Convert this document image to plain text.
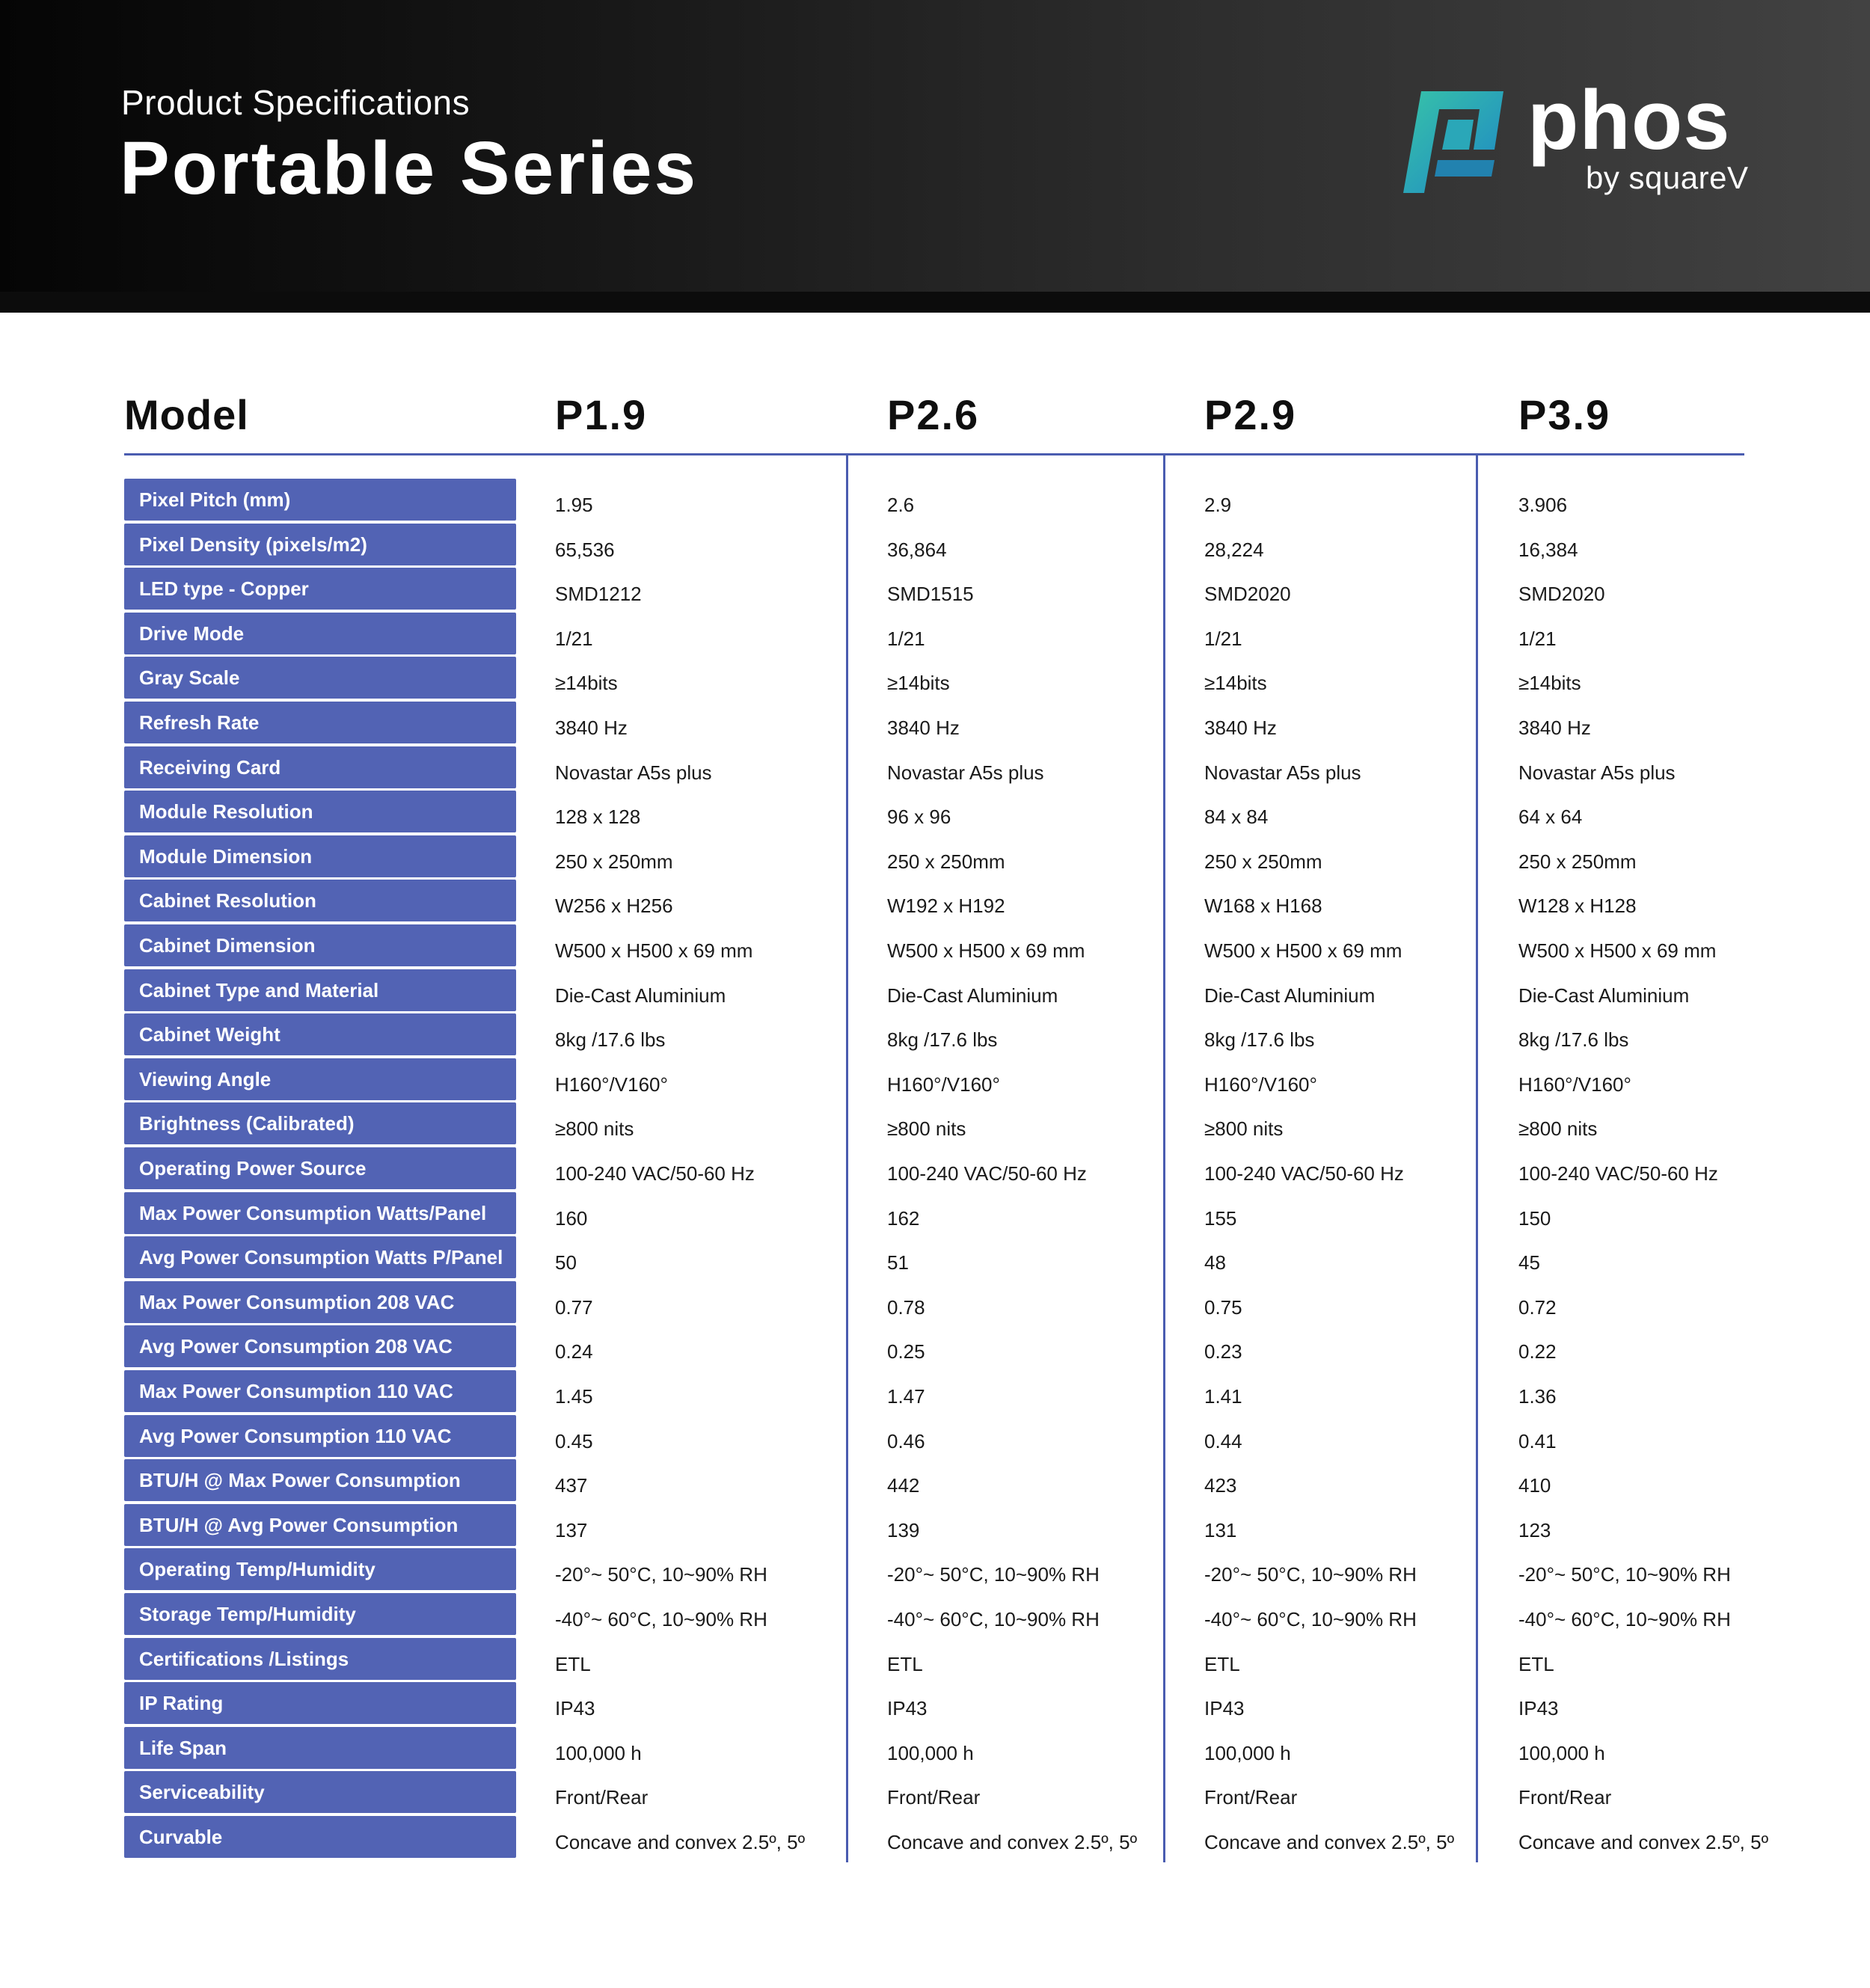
Product Specifications
Portable Series
phos
by squareV
Model	P1.9	P2.6	P2.9	P3.9
Pixel Pitch (mm)	1.95	2.6	2.9	3.906
Pixel Density (pixels/m2)	65,536	36,864	28,224	16,384
LED type - Copper	SMD1212	SMD1515	SMD2020	SMD2020
Drive Mode	1/21	1/21	1/21	1/21
Gray Scale	≥14bits	≥14bits	≥14bits	≥14bits
Refresh Rate	3840 Hz	3840 Hz	3840 Hz	3840 Hz
Receiving Card	Novastar A5s plus	Novastar A5s plus	Novastar A5s plus	Novastar A5s plus
Module Resolution	128 x 128	96 x 96	84 x 84	64 x 64
Module Dimension	250 x 250mm	250 x 250mm	250 x 250mm	250 x 250mm
Cabinet Resolution	W256 x H256	W192 x H192	W168 x H168	W128 x H128
Cabinet Dimension	W500 x H500 x 69 mm	W500 x H500 x 69 mm	W500 x H500 x 69 mm	W500 x H500 x 69 mm
Cabinet Type and Material	Die-Cast Aluminium	Die-Cast Aluminium	Die-Cast Aluminium	Die-Cast Aluminium
Cabinet Weight	8kg /17.6 lbs	8kg /17.6 lbs	8kg /17.6 lbs	8kg /17.6 lbs
Viewing Angle	H160°/V160°	H160°/V160°	H160°/V160°	H160°/V160°
Brightness (Calibrated)	≥800 nits	≥800 nits	≥800 nits	≥800 nits
Operating Power Source	100-240 VAC/50-60 Hz	100-240 VAC/50-60 Hz	100-240 VAC/50-60 Hz	100-240 VAC/50-60 Hz
Max Power Consumption Watts/Panel	160	162	155	150
Avg Power Consumption Watts P/Panel	50	51	48	45
Max Power Consumption 208 VAC	0.77	0.78	0.75	0.72
Avg Power Consumption 208 VAC	0.24	0.25	0.23	0.22
Max Power Consumption 110 VAC	1.45	1.47	1.41	1.36
Avg Power Consumption 110 VAC	0.45	0.46	0.44	0.41
BTU/H @ Max Power Consumption	437	442	423	410
BTU/H @ Avg Power Consumption	137	139	131	123
Operating Temp/Humidity	-20°~ 50°C, 10~90% RH	-20°~ 50°C, 10~90% RH	-20°~ 50°C, 10~90% RH	-20°~ 50°C, 10~90% RH
Storage Temp/Humidity	-40°~ 60°C, 10~90% RH	-40°~ 60°C, 10~90% RH	-40°~ 60°C, 10~90% RH	-40°~ 60°C, 10~90% RH
Certifications /Listings	ETL	ETL	ETL	ETL
IP Rating	IP43	IP43	IP43	IP43
Life Span	100,000 h	100,000 h	100,000 h	100,000 h
Serviceability	Front/Rear	Front/Rear	Front/Rear	Front/Rear
Curvable	Concave and convex 2.5º, 5º	Concave and convex 2.5º, 5º	Concave and convex 2.5º, 5º	Concave and convex 2.5º, 5º
